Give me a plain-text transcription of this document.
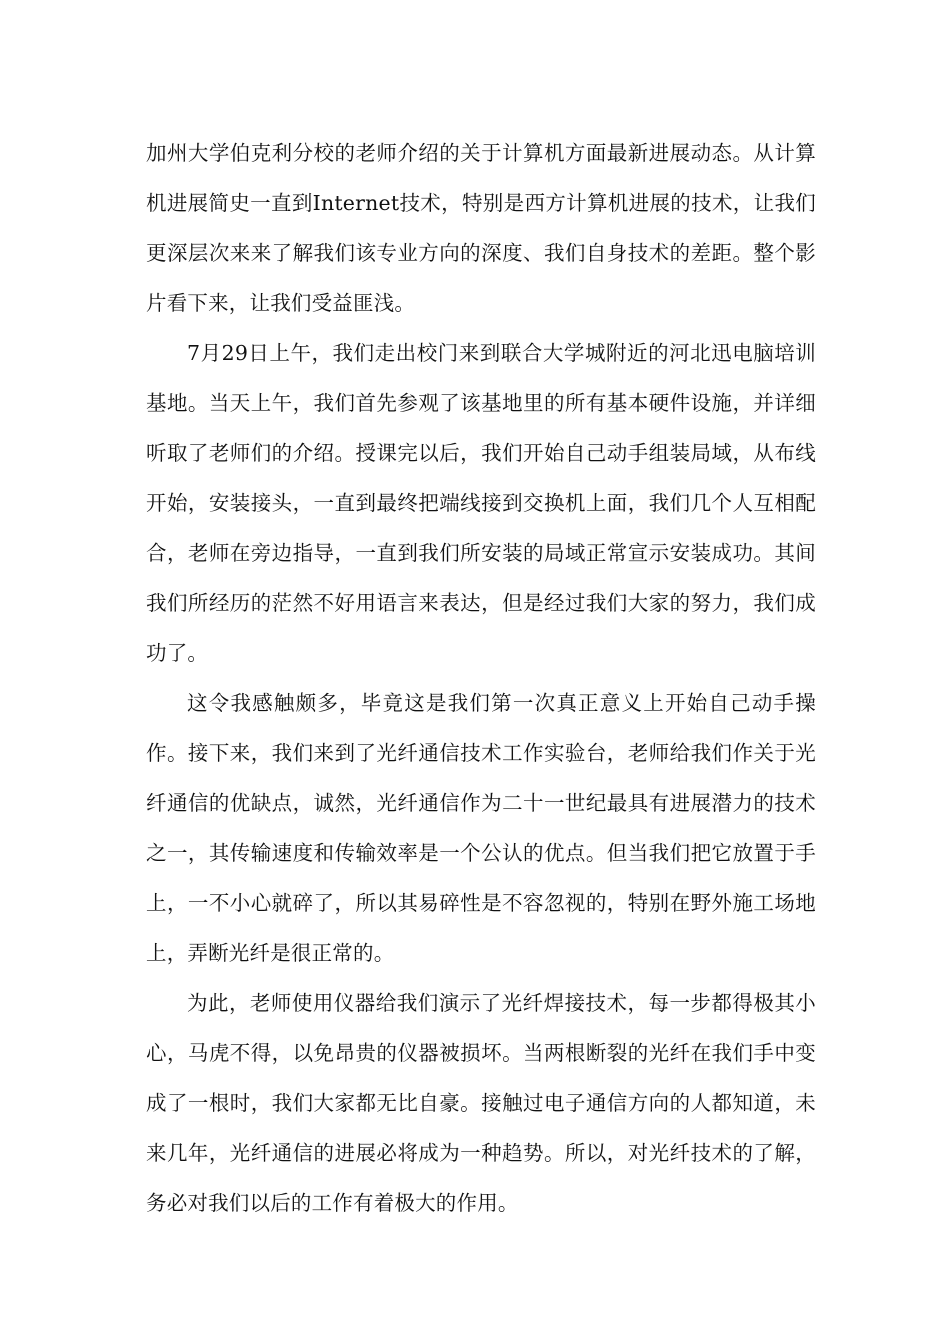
加州大学伯克利分校的老师介绍的关于计算机方面最新进展动态。从计算机进展简史一直到Internet技术，特别是西方计算机进展的技术，让我们更深层次来来了解我们该专业方向的深度、我们自身技术的差距。整个影片看下来，让我们受益匪浅。

7月29日上午，我们走出校门来到联合大学城附近的河北迅电脑培训基地。当天上午，我们首先参观了该基地里的所有基本硬件设施，并详细听取了老师们的介绍。授课完以后，我们开始自己动手组装局域，从布线开始，安装接头，一直到最终把端线接到交换机上面，我们几个人互相配合，老师在旁边指导，一直到我们所安装的局域正常宣示安装成功。其间我们所经历的茫然不好用语言来表达，但是经过我们大家的努力，我们成功了。

这令我感触颇多，毕竟这是我们第一次真正意义上开始自己动手操作。接下来，我们来到了光纤通信技术工作实验台，老师给我们作关于光纤通信的优缺点，诚然，光纤通信作为二十一世纪最具有进展潜力的技术之一，其传输速度和传输效率是一个公认的优点。但当我们把它放置于手上，一不小心就碎了，所以其易碎性是不容忽视的，特别在野外施工场地上，弄断光纤是很正常的。

为此，老师使用仪器给我们演示了光纤焊接技术，每一步都得极其小心，马虎不得，以免昂贵的仪器被损坏。当两根断裂的光纤在我们手中变成了一根时，我们大家都无比自豪。接触过电子通信方向的人都知道，未来几年，光纤通信的进展必将成为一种趋势。所以，对光纤技术的了解，务必对我们以后的工作有着极大的作用。
